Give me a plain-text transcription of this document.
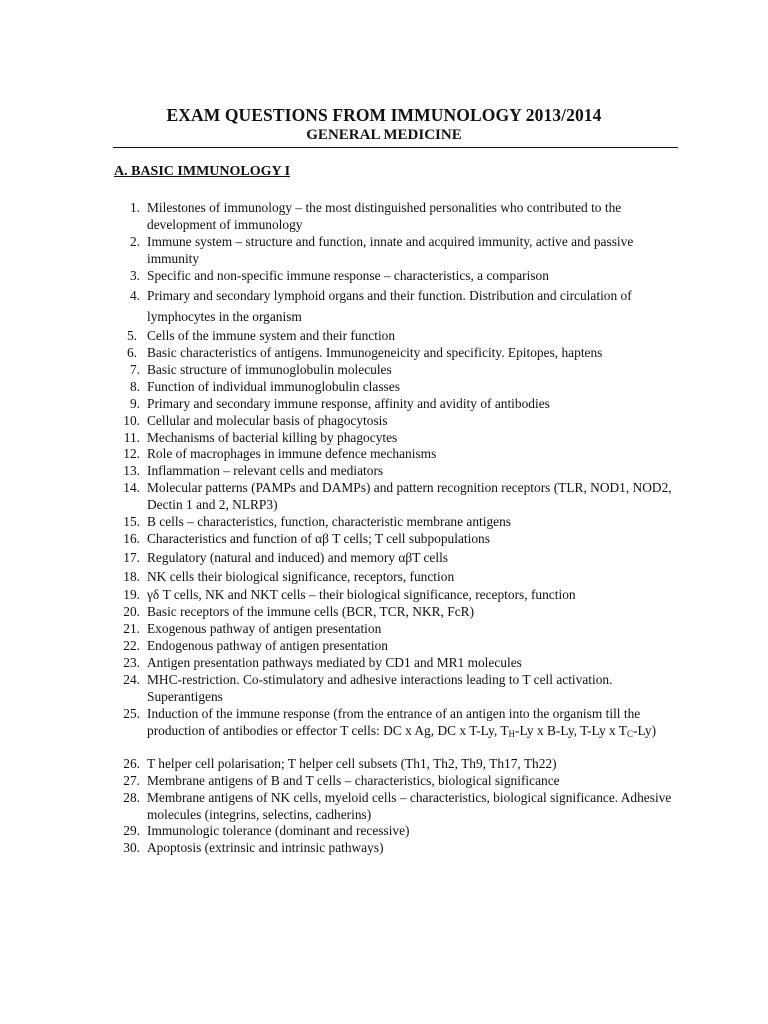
EXAM QUESTIONS FROM IMMUNOLOGY 2013/2014
GENERAL MEDICINE
A. BASIC IMMUNOLOGY I
1. Milestones of immunology – the most distinguished personalities who contributed to the development of immunology
2. Immune system – structure and function, innate and acquired immunity, active and passive immunity
3. Specific and non-specific immune response – characteristics, a comparison
4. Primary and secondary lymphoid organs and their function. Distribution and circulation of lymphocytes in the organism
5. Cells of the immune system and their function
6. Basic characteristics of antigens. Immunogeneicity and specificity. Epitopes, haptens
7. Basic structure of immunoglobulin molecules
8. Function of individual immunoglobulin classes
9. Primary and secondary immune response, affinity and avidity of antibodies
10. Cellular and molecular basis of phagocytosis
11. Mechanisms of bacterial killing by phagocytes
12. Role of macrophages in immune defence mechanisms
13. Inflammation – relevant cells and mediators
14. Molecular patterns (PAMPs and DAMPs) and pattern recognition receptors (TLR, NOD1, NOD2, Dectin 1 and 2, NLRP3)
15. B cells – characteristics, function, characteristic membrane antigens
16. Characteristics and function of αβ T cells; T cell subpopulations
17. Regulatory (natural and induced) and memory αβT cells
18. NK cells their biological significance, receptors, function
19. γδ T cells, NK and NKT cells – their biological significance, receptors, function
20. Basic receptors of the immune cells (BCR, TCR, NKR, FcR)
21. Exogenous pathway of antigen presentation
22. Endogenous pathway of antigen presentation
23. Antigen presentation pathways mediated by CD1 and MR1 molecules
24. MHC-restriction. Co-stimulatory and adhesive interactions leading to T cell activation. Superantigens
25. Induction of the immune response (from the entrance of an antigen into the organism till the production of antibodies or effector T cells: DC x Ag, DC x T-Ly, $T_H-Ly$ x B-Ly, T-Ly x $T_C-Ly$)
26. T helper cell polarisation; T helper cell subsets (Th1, Th2, Th9, Th17, Th22)
27. Membrane antigens of B and T cells – characteristics, biological significance
28. Membrane antigens of NK cells, myeloid cells – characteristics, biological significance. Adhesive molecules (integrins, selectins, cadherins)
29. Immunologic tolerance (dominant and recessive)
30. Apoptosis (extrinsic and intrinsic pathways)
